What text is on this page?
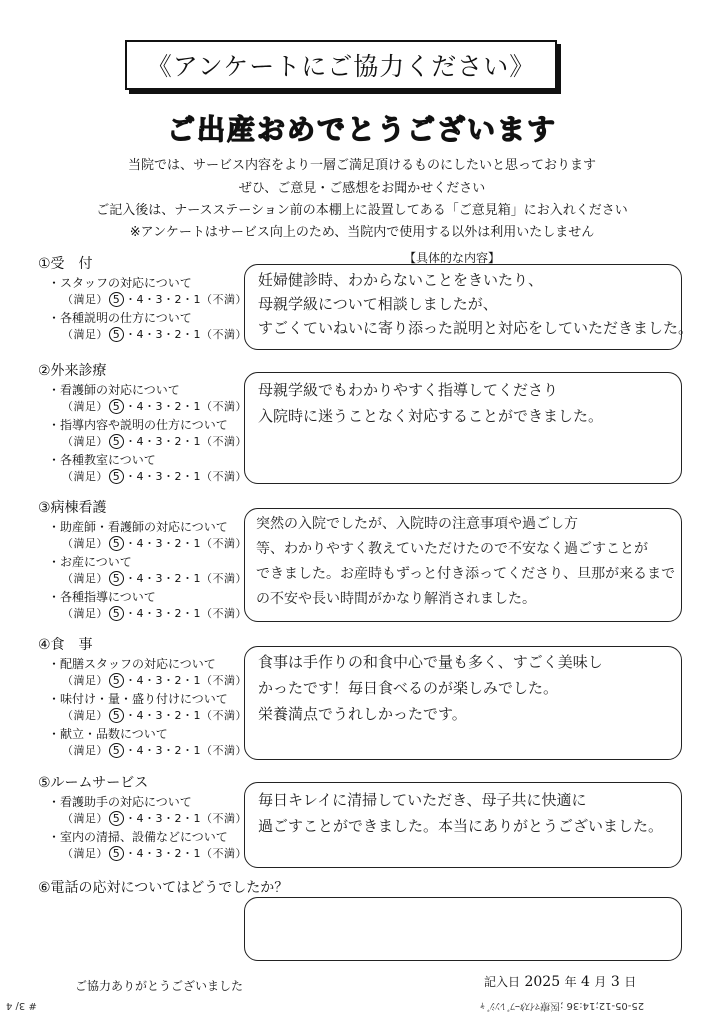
《アンケートにご協力ください》
ご出産おめでとうございます
当院では、サービス内容をより一層ご満足頂けるものにしたいと思っております
ぜひ、ご意見・ご感想をお聞かせください
ご記入後は、ナースステーション前の本棚上に設置してある「ご意見箱」にお入れください
※アンケートはサービス向上のため、当院内で使用する以外は利用いたしません
【具体的な内容】
①受　付
・スタッフの対応について
（満足） 5 ・4・3・2・1（不満）
・各種説明の仕方について
（満足） 5 ・4・3・2・1（不満）
妊婦健診時、わからないことをきいたり、
母親学級について相談しましたが、
すごくていねいに寄り添った説明と対応をしていただきました。
②外来診療
・看護師の対応について
（満足） 5 ・4・3・2・1（不満）
・指導内容や説明の仕方について
（満足） 5 ・4・3・2・1（不満）
・各種教室について
（満足） 5 ・4・3・2・1（不満）
母親学級でもわかりやすく指導してくださり
入院時に迷うことなく対応することができました。
③病棟看護
・助産師・看護師の対応について
（満足） 5 ・4・3・2・1（不満）
・お産について
（満足） 5 ・4・3・2・1（不満）
・各種指導について
（満足） 5 ・4・3・2・1（不満）
突然の入院でしたが、入院時の注意事項や過ごし方
等、わかりやすく教えていただけたので不安なく過ごすことが
できました。お産時もずっと付き添ってくださり、旦那が来るまで
の不安や長い時間がかなり解消されました。
④食　事
・配膳スタッフの対応について
（満足） 5 ・4・3・2・1（不満）
・味付け・量・盛り付けについて
（満足） 5 ・4・3・2・1（不満）
・献立・品数について
（満足） 5 ・4・3・2・1（不満）
食事は手作りの和食中心で量も多く、すごく美味し
かったです！毎日食べるのが楽しみでした。
栄養満点でうれしかったです。
⑤ルームサービス
・看護助手の対応について
（満足） 5 ・4・3・2・1（不満）
・室内の清掃、設備などについて
（満足） 5 ・4・3・2・1（不満）
毎日キレイに清掃していただき、母子共に快適に
過ごすことができました。本当にありがとうございました。
⑥電話の応対についてはどうでしたか？
ご協力ありがとうございました	記入日 2025 年 4 月 3 日
# 3/ 4	25-05-12;14:36 ;医療ﾏｲｽﾀｰﾌﾞﾚﾝｼﾞｬ
